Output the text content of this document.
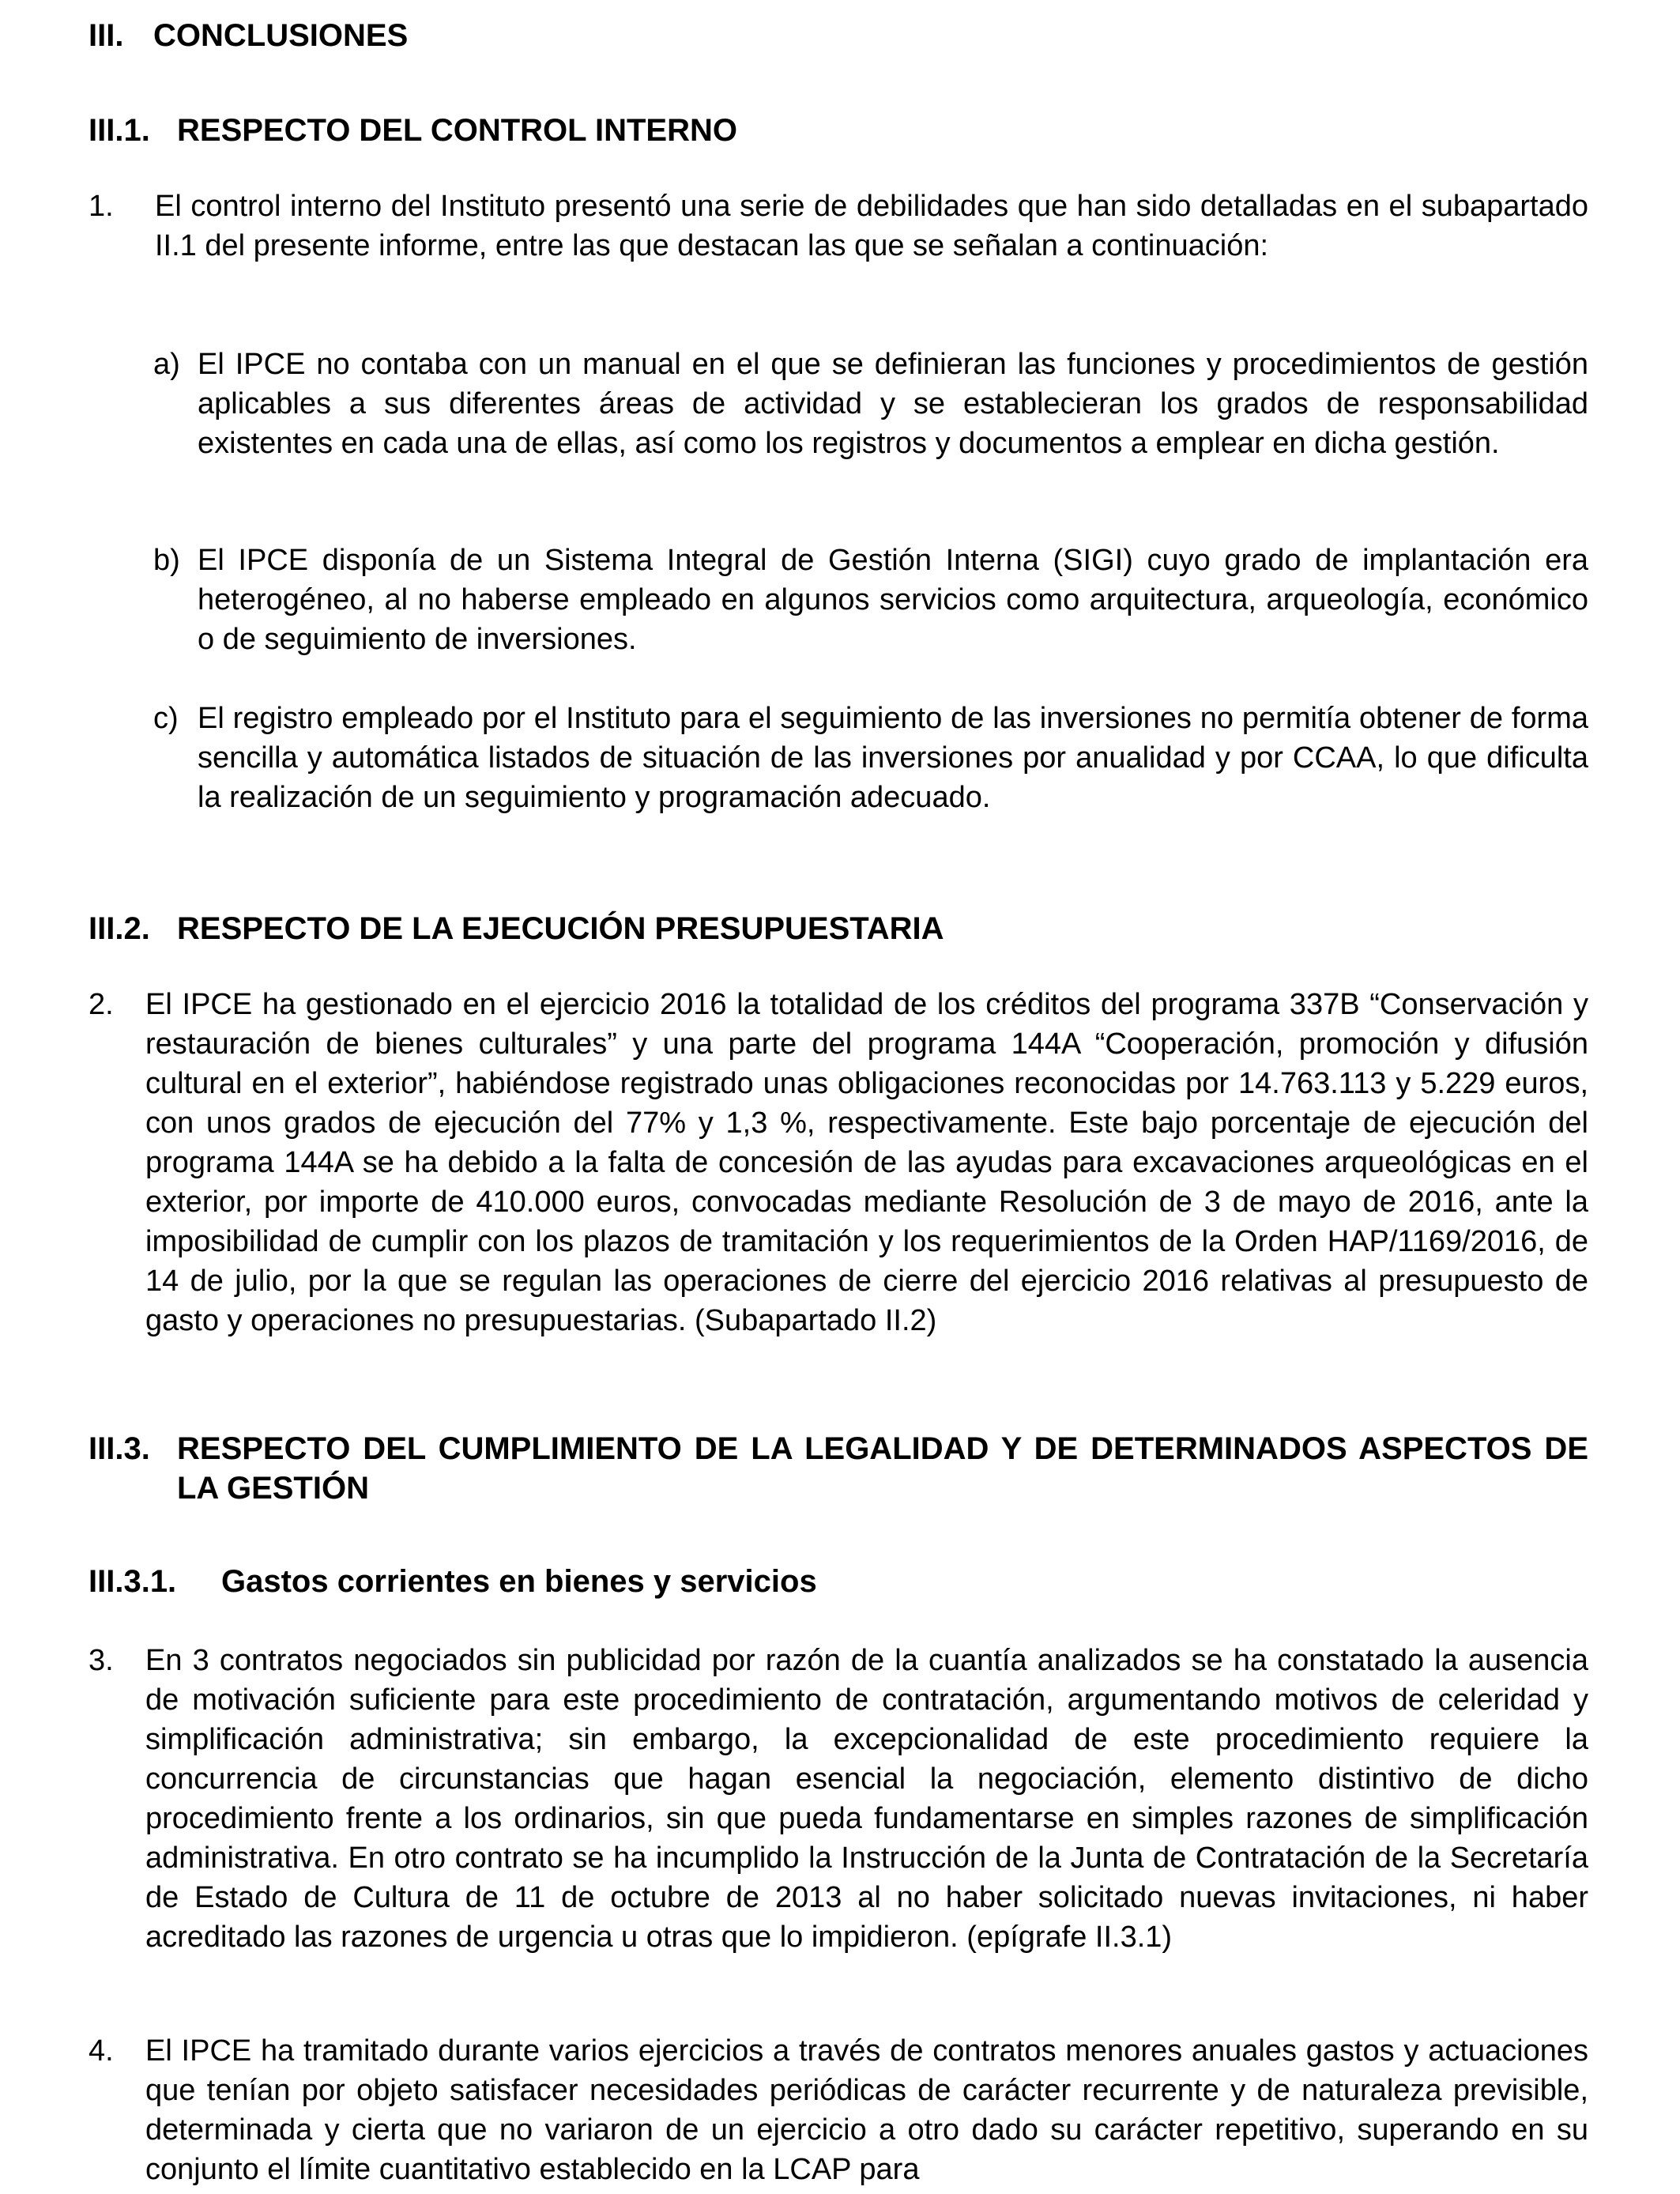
III. CONCLUSIONES
III.1. RESPECTO DEL CONTROL INTERNO
1. El control interno del Instituto presentó una serie de debilidades que han sido detalladas en el subapartado II.1 del presente informe, entre las que destacan las que se señalan a continuación:

a) El IPCE no contaba con un manual en el que se definieran las funciones y procedimientos de gestión aplicables a sus diferentes áreas de actividad y se establecieran los grados de responsabilidad existentes en cada una de ellas, así como los registros y documentos a emplear en dicha gestión.

b) El IPCE disponía de un Sistema Integral de Gestión Interna (SIGI) cuyo grado de implantación era heterogéneo, al no haberse empleado en algunos servicios como arquitectura, arqueología, económico o de seguimiento de inversiones.

c) El registro empleado por el Instituto para el seguimiento de las inversiones no permitía obtener de forma sencilla y automática listados de situación de las inversiones por anualidad y por CCAA, lo que dificulta la realización de un seguimiento y programación adecuado.

III.2. RESPECTO DE LA EJECUCIÓN PRESUPUESTARIA
2. El IPCE ha gestionado en el ejercicio 2016 la totalidad de los créditos del programa 337B “Conservación y restauración de bienes culturales” y una parte del programa 144A “Cooperación, promoción y difusión cultural en el exterior”, habiéndose registrado unas obligaciones reconocidas por 14.763.113 y 5.229 euros, con unos grados de ejecución del 77% y 1,3 %, respectivamente. Este bajo porcentaje de ejecución del programa 144A se ha debido a la falta de concesión de las ayudas para excavaciones arqueológicas en el exterior, por importe de 410.000 euros, convocadas mediante Resolución de 3 de mayo de 2016, ante la imposibilidad de cumplir con los plazos de tramitación y los requerimientos de la Orden HAP/1169/2016, de 14 de julio, por la que se regulan las operaciones de cierre del ejercicio 2016 relativas al presupuesto de gasto y operaciones no presupuestarias. (Subapartado II.2)

III.3. RESPECTO DEL CUMPLIMIENTO DE LA LEGALIDAD Y DE DETERMINADOS ASPECTOS DE LA GESTIÓN
III.3.1. Gastos corrientes en bienes y servicios
3. En 3 contratos negociados sin publicidad por razón de la cuantía analizados se ha constatado la ausencia de motivación suficiente para este procedimiento de contratación, argumentando motivos de celeridad y simplificación administrativa; sin embargo, la excepcionalidad de este procedimiento requiere la concurrencia de circunstancias que hagan esencial la negociación, elemento distintivo de dicho procedimiento frente a los ordinarios, sin que pueda fundamentarse en simples razones de simplificación administrativa. En otro contrato se ha incumplido la Instrucción de la Junta de Contratación de la Secretaría de Estado de Cultura de 11 de octubre de 2013 al no haber solicitado nuevas invitaciones, ni haber acreditado las razones de urgencia u otras que lo impidieron. (epígrafe II.3.1)

4. El IPCE ha tramitado durante varios ejercicios a través de contratos menores anuales gastos y actuaciones que tenían por objeto satisfacer necesidades periódicas de carácter recurrente y de naturaleza previsible, determinada y cierta que no variaron de un ejercicio a otro dado su carácter repetitivo, superando en su conjunto el límite cuantitativo establecido en la LCAP para
